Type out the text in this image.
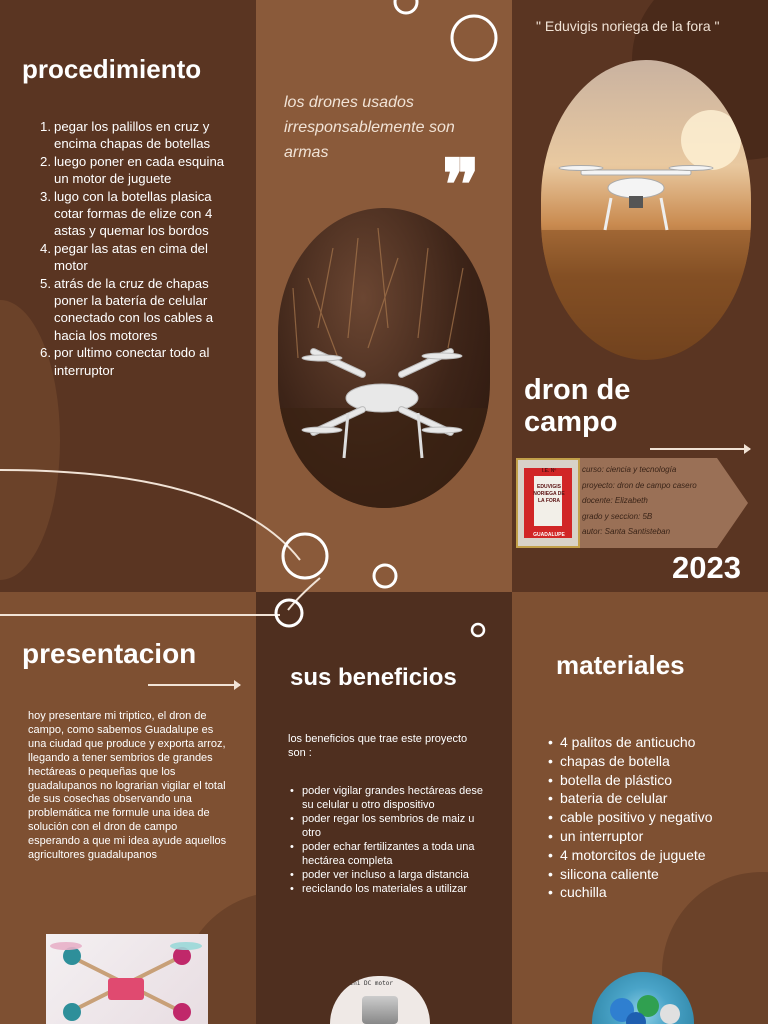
" Eduvigis noriega de la fora "
procedimiento
1. pegar los palillos en cruz y encima chapas de botellas
2. luego poner en cada esquina un motor de juguete
3. lugo con la botellas plasica cotar formas de elize con 4 astas y quemar los bordos
4. pegar las atas en cima del motor
5. atrás de la cruz de chapas poner la batería de celular conectado con los cables a hacia los motores
6. por ultimo conectar todo al interruptor
los drones usados irresponsablemente son armas	❞
dron de campo
I.E. Nº
EDUVIGIS
NORIEGA DE
LA FORA
GUADALUPE
curso: ciencia y tecnología
proyecto: dron de campo casero
docente: Elizabeth
grado y seccion: 5B
autor: Santa Santisteban
2023
presentacion
hoy presentare mi triptico, el dron de campo, como sabemos Guadalupe es una ciudad que produce y exporta arroz, llegando a tener sembrios de grandes hectáreas o pequeñas que los guadalupanos no lograrian vigilar el total de sus cosechas observando una problemática me formule una idea de solución con el dron de campo esperando a que mi idea ayude aquellos agricultores guadalupanos
sus beneficios
los beneficios que trae este proyecto son :
• poder vigilar grandes hectáreas dese su celular u otro dispositivo
• poder regar los sembrios de maiz u otro
• poder echar fertilizantes a toda una hectárea completa
• poder ver incluso a larga distancia
• reciclando los materiales a utilizar
materiales
• 4 palitos de anticucho
• chapas de botella
• botella de plástico
• bateria de celular
• cable positivo y negativo
• un interruptor
• 4 motorcitos de juguete
• silicona caliente
• cuchilla
Mini DC motor
